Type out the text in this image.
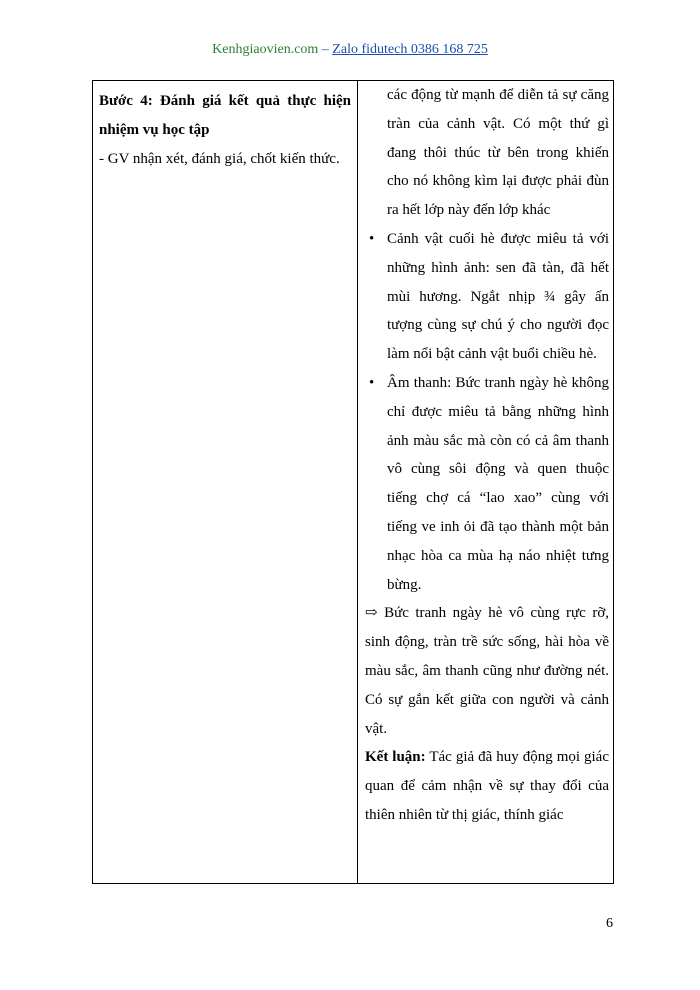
Kenhgiaovien.com – Zalo fidutech 0386 168 725

Bước 4: Đánh giá kết quả thực hiện nhiệm vụ học tập

- GV nhận xét, đánh giá, chốt kiến thức.

các động từ mạnh để diễn tả sự căng tràn của cảnh vật. Có một thứ gì đang thôi thúc từ bên trong khiến cho nó không kìm lại được phải đùn ra hết lớp này đến lớp khác

• Cảnh vật cuối hè được miêu tả với những hình ảnh: sen đã tàn, đã hết mùi hương. Ngắt nhịp ¾ gây ấn tượng cùng sự chú ý cho người đọc làm nổi bật cảnh vật buổi chiều hè.

• Âm thanh: Bức tranh ngày hè không chỉ được miêu tả bằng những hình ảnh màu sắc mà còn có cả âm thanh vô cùng sôi động và quen thuộc tiếng chợ cá “lao xao” cùng với tiếng ve inh ỏi đã tạo thành một bản nhạc hòa ca mùa hạ náo nhiệt tưng bừng.

⇨ Bức tranh ngày hè vô cùng rực rỡ, sinh động, tràn trề sức sống, hài hòa về màu sắc, âm thanh cũng như đường nét. Có sự gắn kết giữa con người và cảnh vật.

Kết luận: Tác giả đã huy động mọi giác quan để cảm nhận về sự thay đổi của thiên nhiên từ thị giác, thính giác

6
